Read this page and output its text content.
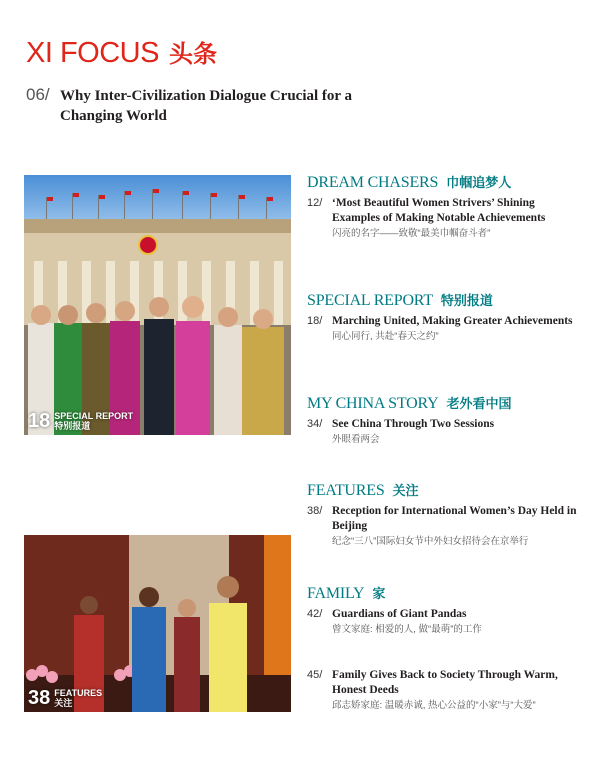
XI FOCUS 头条
06/ Why Inter-Civilization Dialogue Crucial for a Changing World
18 SPECIAL REPORT
特别报道
38 FEATURES
关注
DREAM CHASERS 巾帼追梦人
12/ ‘Most Beautiful Women Strivers’ Shining Examples of Making Notable Achievements
闪亮的名字——致敬“最美巾帼奋斗者”
SPECIAL REPORT 特别报道
18/ Marching United, Making Greater Achievements
同心同行, 共赴“春天之约”
MY CHINA STORY 老外看中国
34/ See China Through Two Sessions
外眼看两会
FEATURES 关注
38/ Reception for International Women’s Day Held in Beijing
纪念“三八”国际妇女节中外妇女招待会在京举行
FAMILY 家
42/ Guardians of Giant Pandas
曾文家庭: 相爱的人, 做“最萌”的工作
45/ Family Gives Back to Society Through Warm, Honest Deeds
邱志娇家庭: 温暖赤诚, 热心公益的“小家”与“大爱”
